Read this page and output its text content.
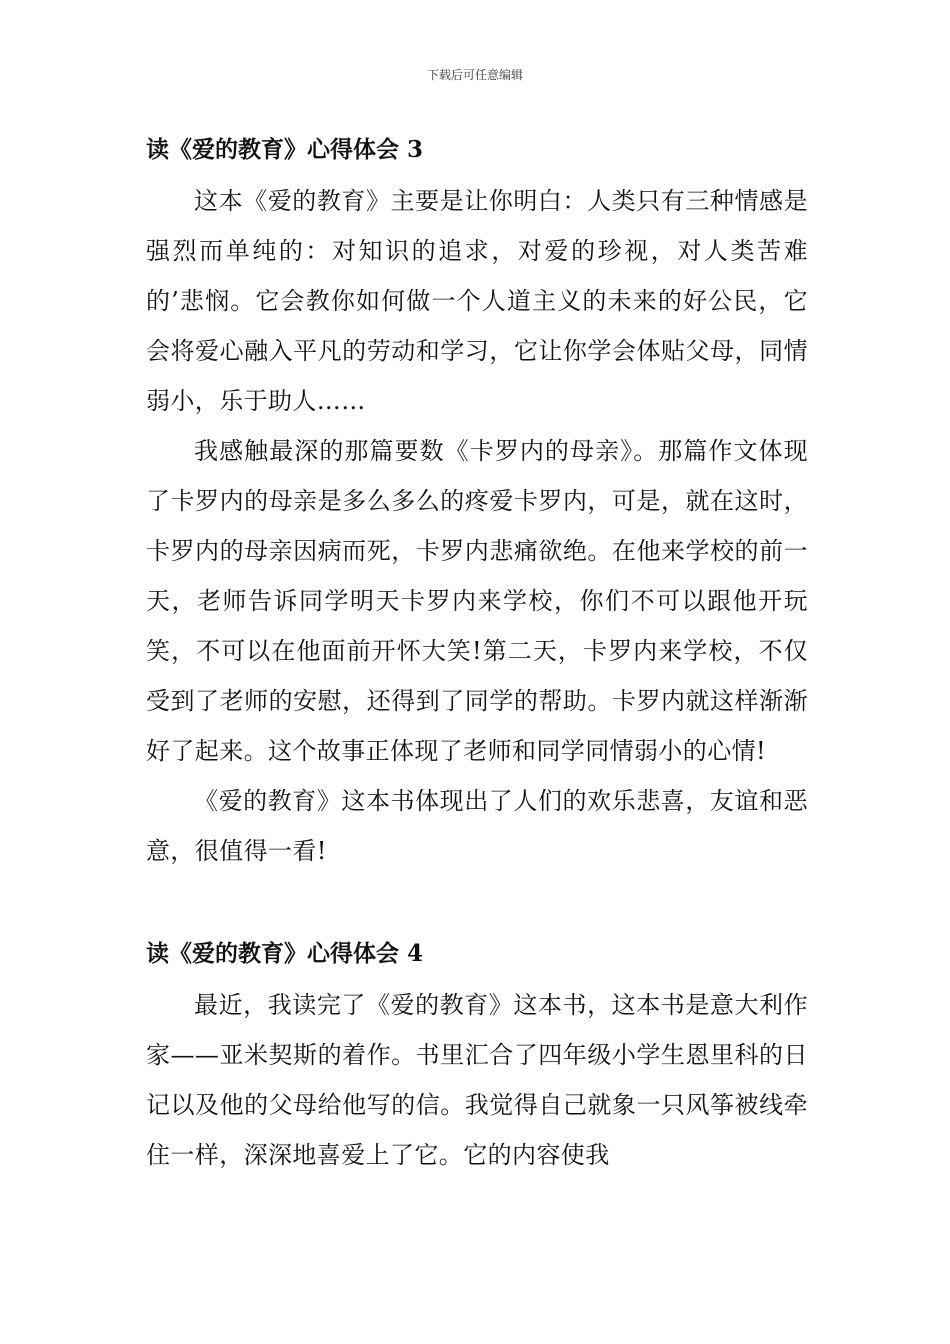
下载后可任意编辑
读《爱的教育》心得体会 3

这本《爱的教育》主要是让你明白：人类只有三种情感是强烈而单纯的：对知识的追求，对爱的珍视，对人类苦难的’悲悯。它会教你如何做一个人道主义的未来的好公民，它会将爱心融入平凡的劳动和学习，它让你学会体贴父母，同情弱小，乐于助人……

我感触最深的那篇要数《卡罗内的母亲》。那篇作文体现了卡罗内的母亲是多么多么的疼爱卡罗内，可是，就在这时，卡罗内的母亲因病而死，卡罗内悲痛欲绝。在他来学校的前一天，老师告诉同学明天卡罗内来学校，你们不可以跟他开玩笑，不可以在他面前开怀大笑!第二天，卡罗内来学校，不仅受到了老师的安慰，还得到了同学的帮助。卡罗内就这样渐渐好了起来。这个故事正体现了老师和同学同情弱小的心情!

《爱的教育》这本书体现出了人们的欢乐悲喜，友谊和恶意，很值得一看!

读《爱的教育》心得体会 4

最近，我读完了《爱的教育》这本书，这本书是意大利作家——亚米契斯的着作。书里汇合了四年级小学生恩里科的日记以及他的父母给他写的信。我觉得自己就象一只风筝被线牵住一样，深深地喜爱上了它。它的内容使我
